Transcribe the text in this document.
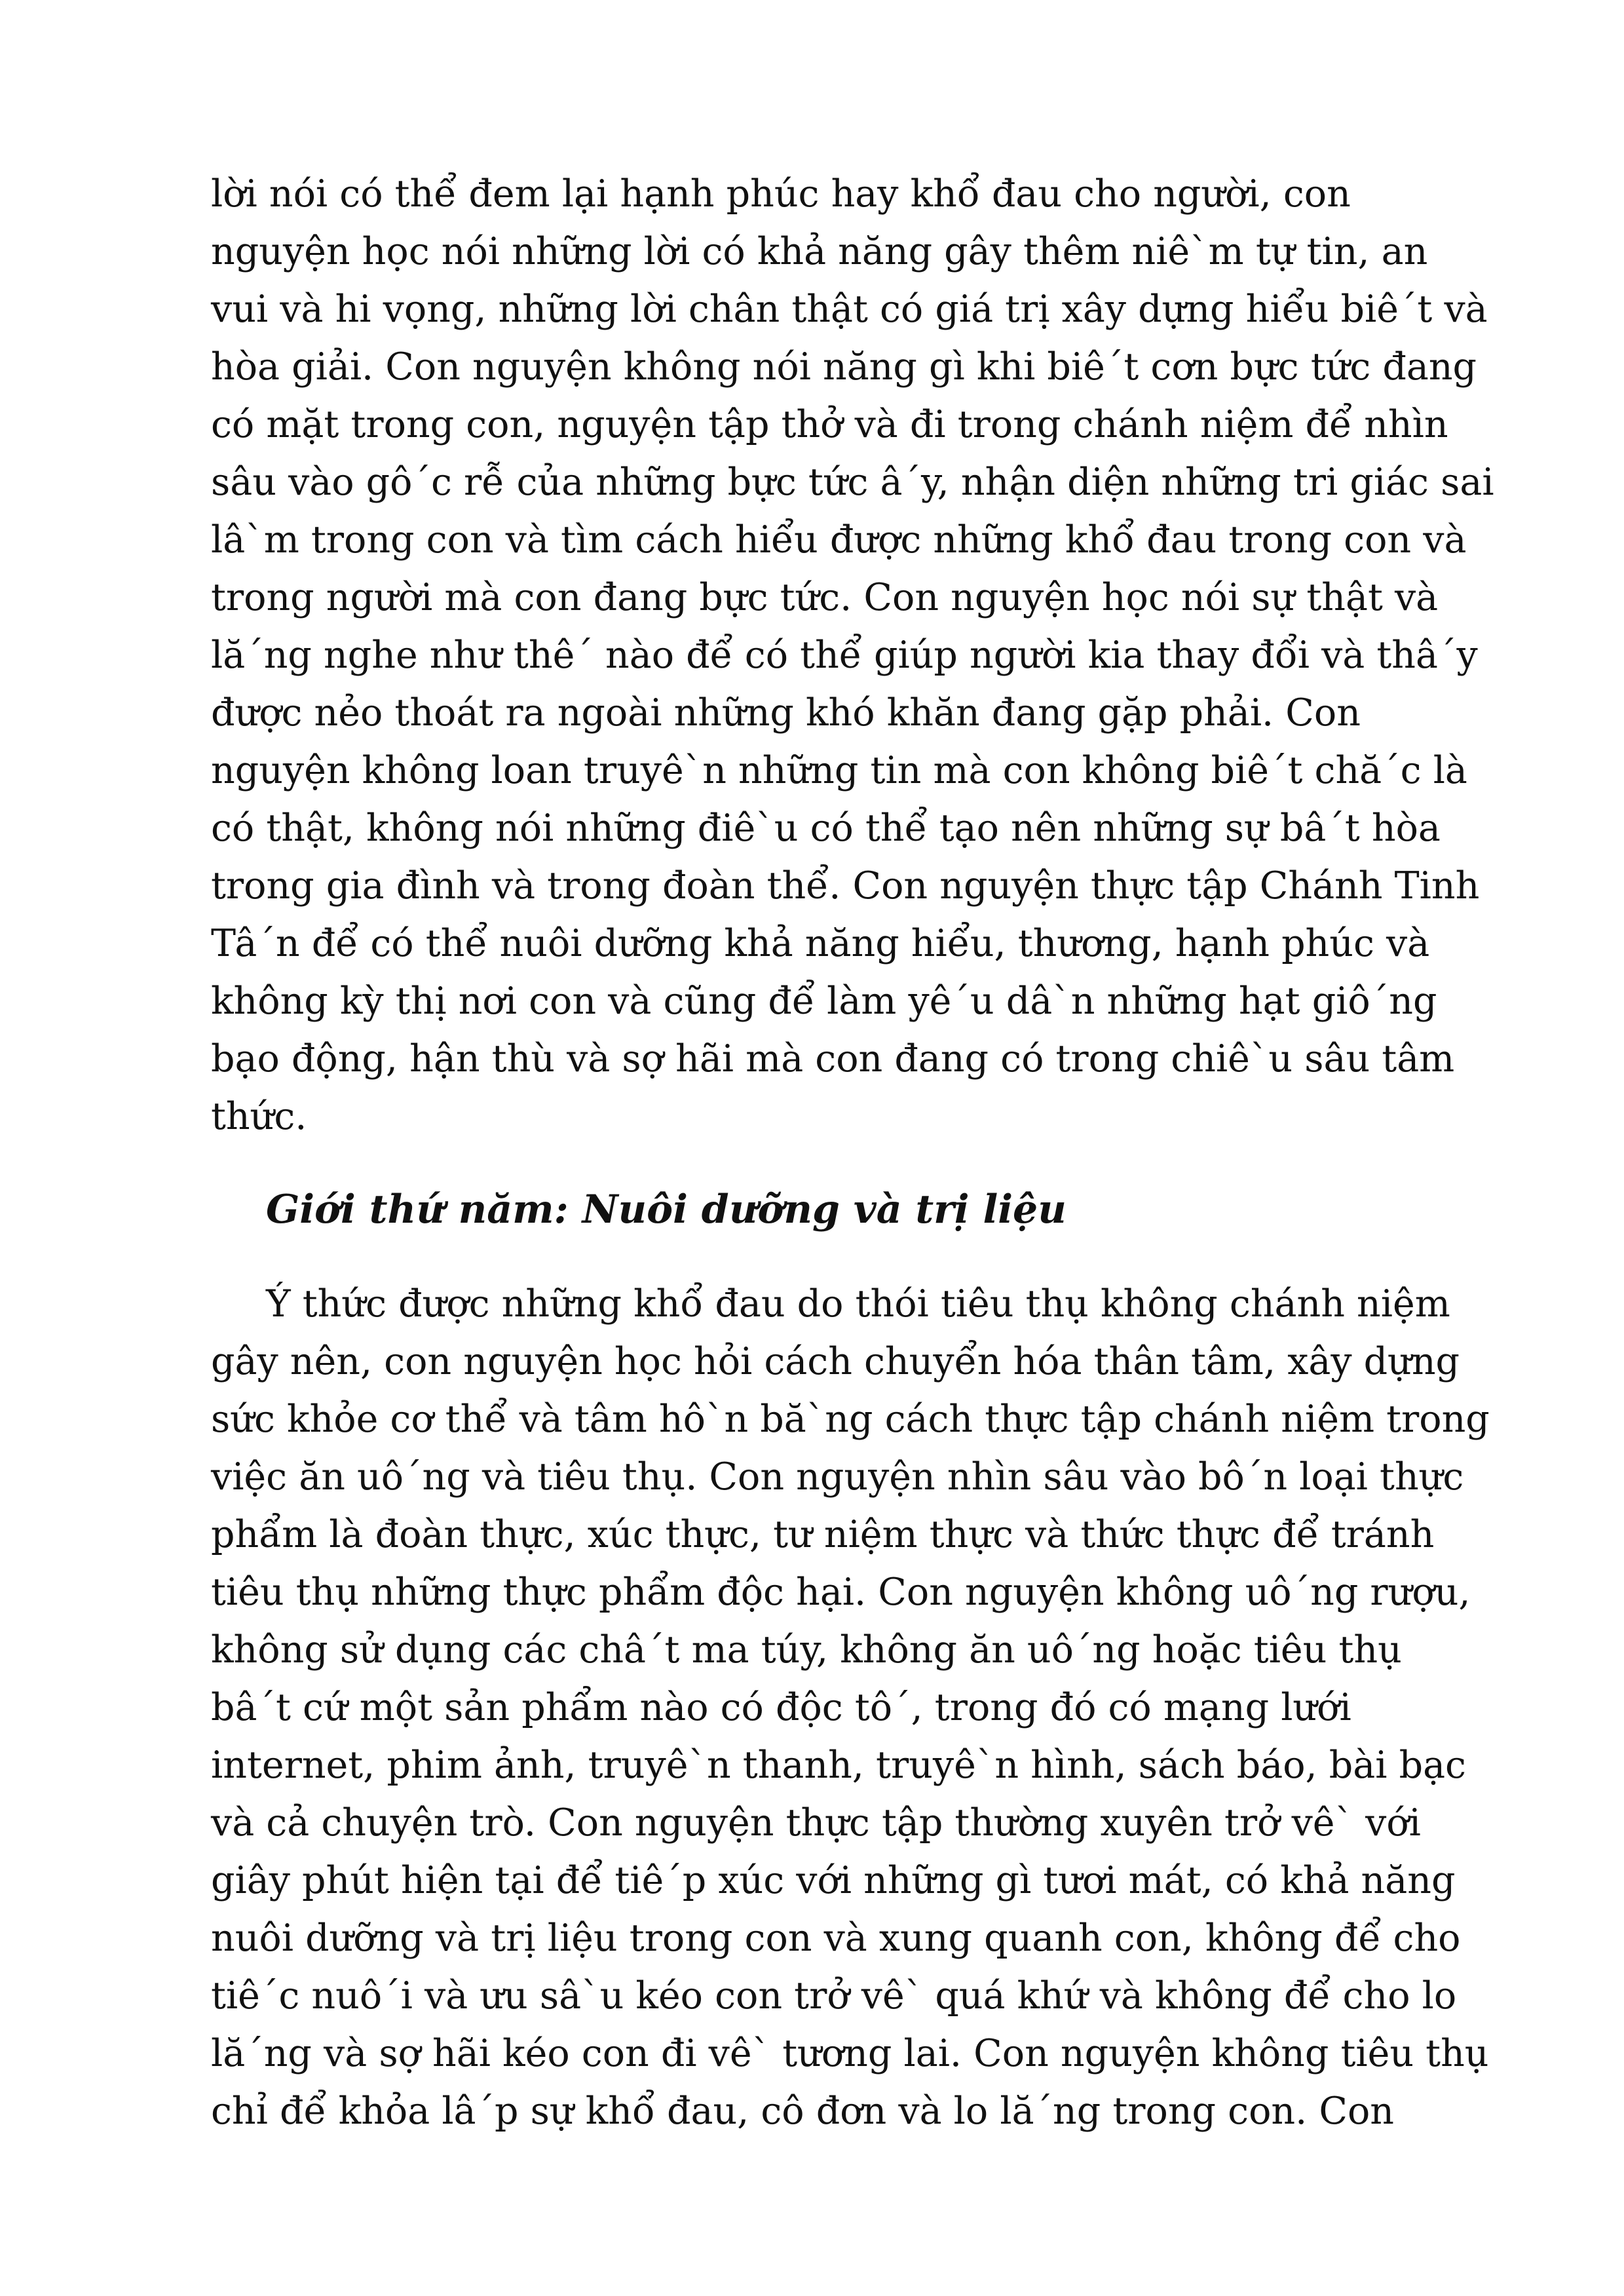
lời nói có thể đem lại hạnh phúc hay khổ đau cho người, con
nguyện học nói những lời có khả năng gây thêm niê`m tự tin, an
vui và hi vọng, những lời chân thật có giá trị xây dựng hiểu biê´t và
hòa giải. Con nguyện không nói năng gì khi biê´t cơn bực tức đang
có mặt trong con, nguyện tập thở và đi trong chánh niệm để nhìn
sâu vào gô´c rễ của những bực tức â´y, nhận diện những tri giác sai
lâ`m trong con và tìm cách hiểu được những khổ đau trong con và
trong người mà con đang bực tức. Con nguyện học nói sự thật và
lă´ng nghe như thê´ nào để có thể giúp người kia thay đổi và thâ´y
được nẻo thoát ra ngoài những khó khăn đang gặp phải. Con
nguyện không loan truyê`n những tin mà con không biê´t chă´c là
có thật, không nói những điê`u có thể tạo nên những sự bâ´t hòa
trong gia đình và trong đoàn thể. Con nguyện thực tập Chánh Tinh
Tâ´n để có thể nuôi dưỡng khả năng hiểu, thương, hạnh phúc và
không kỳ thị nơi con và cũng để làm yê´u dâ`n những hạt giô´ng
bạo động, hận thù và sợ hãi mà con đang có trong chiê`u sâu tâm
thức.
Giới thứ năm: Nuôi dưỡng và trị liệu
Ý thức được những khổ đau do thói tiêu thụ không chánh niệm
gây nên, con nguyện học hỏi cách chuyển hóa thân tâm, xây dựng
sức khỏe cơ thể và tâm hô`n bă`ng cách thực tập chánh niệm trong
việc ăn uô´ng và tiêu thụ. Con nguyện nhìn sâu vào bô´n loại thực
phẩm là đoàn thực, xúc thực, tư niệm thực và thức thực để tránh
tiêu thụ những thực phẩm độc hại. Con nguyện không uô´ng rượu,
không sử dụng các châ´t ma túy, không ăn uô´ng hoặc tiêu thụ
bâ´t cứ một sản phẩm nào có độc tô´, trong đó có mạng lưới
internet, phim ảnh, truyê`n thanh, truyê`n hình, sách báo, bài bạc
và cả chuyện trò. Con nguyện thực tập thường xuyên trở vê` với
giây phút hiện tại để tiê´p xúc với những gì tươi mát, có khả năng
nuôi dưỡng và trị liệu trong con và xung quanh con, không để cho
tiê´c nuô´i và ưu sâ`u kéo con trở vê` quá khứ và không để cho lo
lă´ng và sợ hãi kéo con đi vê` tương lai. Con nguyện không tiêu thụ
chỉ để khỏa lâ´p sự khổ đau, cô đơn và lo lă´ng trong con. Con
